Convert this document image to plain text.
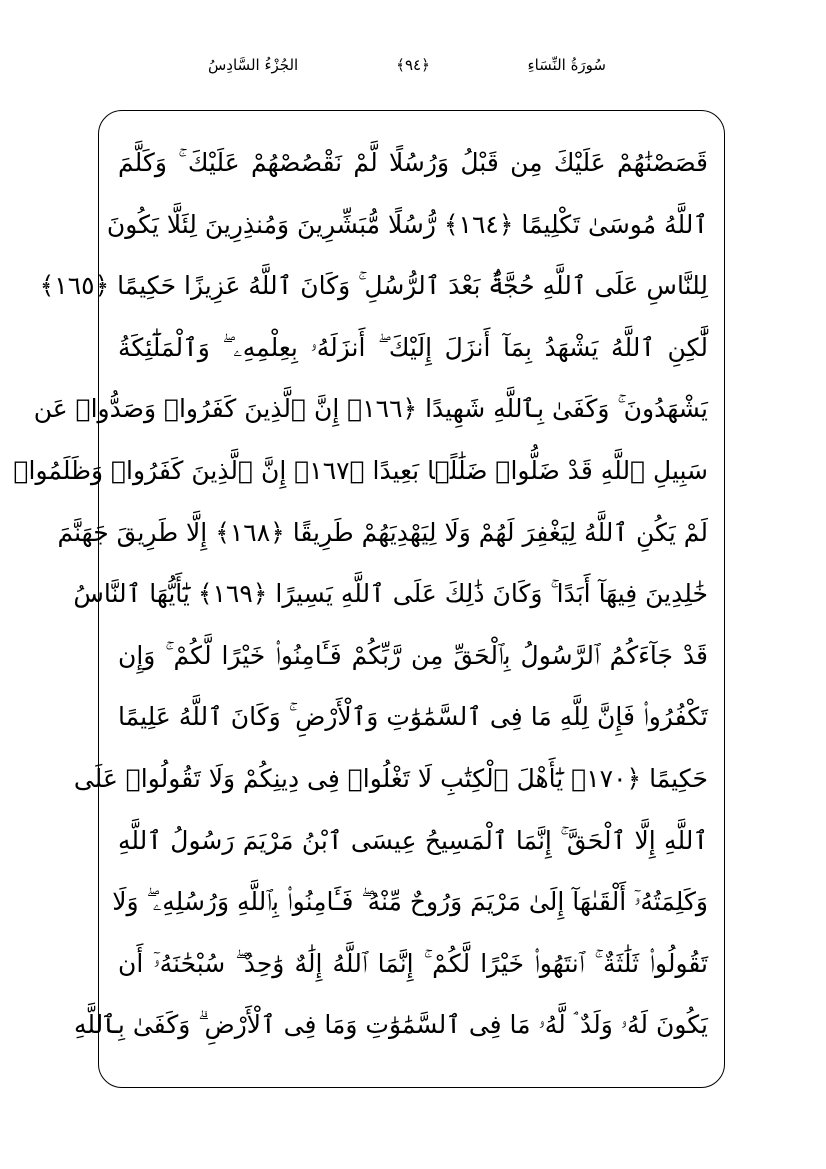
سُورَةُ النِّسَاءِ
﴿٩٤﴾
الجُزْءُ السَّادِسُ
قَصَصْنَٰهُمْ عَلَيْكَ مِن قَبْلُ وَرُسُلًا لَّمْ نَقْصُصْهُمْ عَلَيْكَ ۚ وَكَلَّمَ
ٱللَّهُ مُوسَىٰ تَكْلِيمًا ﴿١٦٤﴾ رُّسُلًا مُّبَشِّرِينَ وَمُنذِرِينَ لِئَلَّا يَكُونَ
لِلنَّاسِ عَلَى ٱللَّهِ حُجَّةٌۢ بَعْدَ ٱلرُّسُلِ ۚ وَكَانَ ٱللَّهُ عَزِيزًا حَكِيمًا ﴿١٦٥﴾
لَّٰكِنِ ٱللَّهُ يَشْهَدُ بِمَآ أَنزَلَ إِلَيْكَ ۖ أَنزَلَهُۥ بِعِلْمِهِۦ ۖ وَٱلْمَلَٰٓئِكَةُ
يَشْهَدُونَ ۚ وَكَفَىٰ بِٱللَّهِ شَهِيدًا ﴿١٦٦﴾ إِنَّ ٱلَّذِينَ كَفَرُوا۟ وَصَدُّوا۟ عَن
سَبِيلِ ٱللَّهِ قَدْ ضَلُّوا۟ ضَلَٰلًۢا بَعِيدًا ﴿١٦٧﴾ إِنَّ ٱلَّذِينَ كَفَرُوا۟ وَظَلَمُوا۟
لَمْ يَكُنِ ٱللَّهُ لِيَغْفِرَ لَهُمْ وَلَا لِيَهْدِيَهُمْ طَرِيقًا ﴿١٦٨﴾ إِلَّا طَرِيقَ جَهَنَّمَ
خَٰلِدِينَ فِيهَآ أَبَدًا ۚ وَكَانَ ذَٰلِكَ عَلَى ٱللَّهِ يَسِيرًا ﴿١٦٩﴾ يَٰٓأَيُّهَا ٱلنَّاسُ
قَدْ جَآءَكُمُ ٱلرَّسُولُ بِٱلْحَقِّ مِن رَّبِّكُمْ فَـَٔامِنُوا۟ خَيْرًا لَّكُمْ ۚ وَإِن
تَكْفُرُوا۟ فَإِنَّ لِلَّهِ مَا فِى ٱلسَّمَٰوَٰتِ وَٱلْأَرْضِ ۚ وَكَانَ ٱللَّهُ عَلِيمًا
حَكِيمًا ﴿١٧٠﴾ يَٰٓأَهْلَ ٱلْكِتَٰبِ لَا تَغْلُوا۟ فِى دِينِكُمْ وَلَا تَقُولُوا۟ عَلَى
ٱللَّهِ إِلَّا ٱلْحَقَّ ۚ إِنَّمَا ٱلْمَسِيحُ عِيسَى ٱبْنُ مَرْيَمَ رَسُولُ ٱللَّهِ
وَكَلِمَتُهُۥٓ أَلْقَىٰهَآ إِلَىٰ مَرْيَمَ وَرُوحٌ مِّنْهُ ۖ فَـَٔامِنُوا۟ بِٱللَّهِ وَرُسُلِهِۦ ۖ وَلَا
تَقُولُوا۟ ثَلَٰثَةٌ ۚ ٱنتَهُوا۟ خَيْرًا لَّكُمْ ۚ إِنَّمَا ٱللَّهُ إِلَٰهٌ وَٰحِدٌ ۖ سُبْحَٰنَهُۥٓ أَن
يَكُونَ لَهُۥ وَلَدٌ ۘ لَّهُۥ مَا فِى ٱلسَّمَٰوَٰتِ وَمَا فِى ٱلْأَرْضِ ۗ وَكَفَىٰ بِٱللَّهِ
